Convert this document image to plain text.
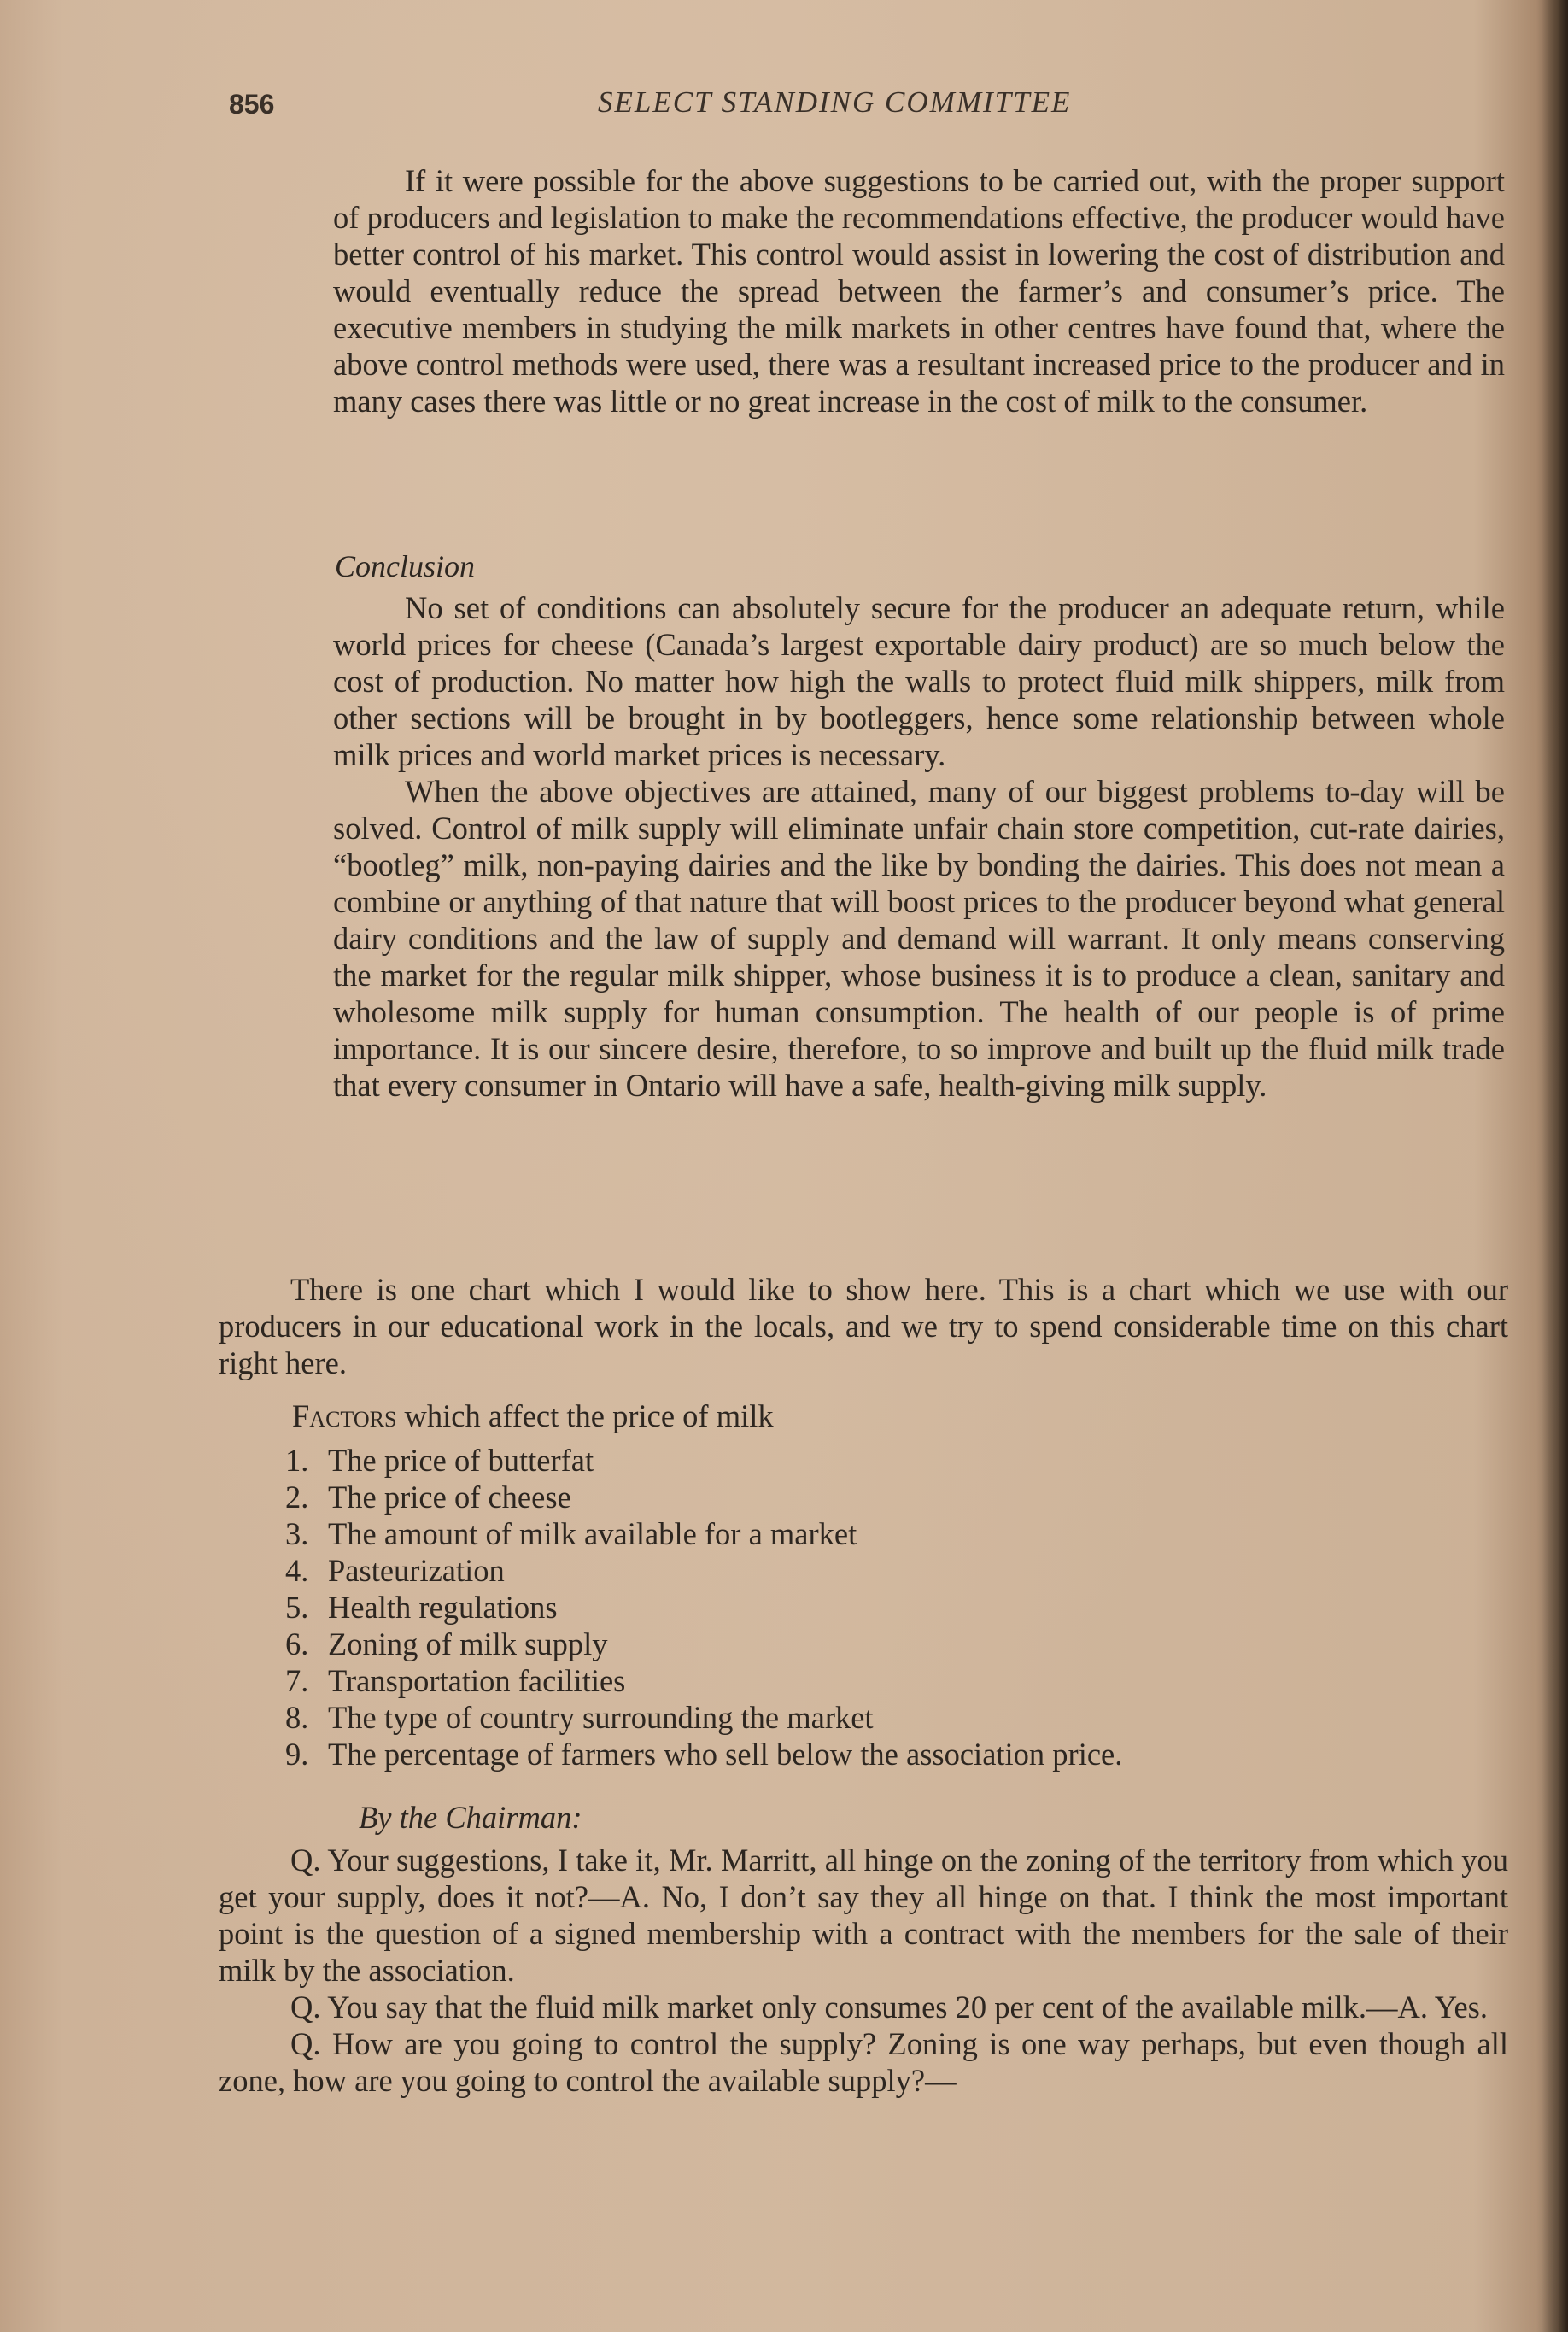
856	SELECT STANDING COMMITTEE

If it were possible for the above suggestions to be carried out, with the proper support of producers and legislation to make the recommendations effective, the producer would have better control of his market. This control would assist in lowering the cost of distribution and would eventually reduce the spread between the farmer’s and consumer’s price. The executive members in studying the milk markets in other centres have found that, where the above control methods were used, there was a resultant increased price to the producer and in many cases there was little or no great increase in the cost of milk to the consumer.

Conclusion

No set of conditions can absolutely secure for the producer an adequate return, while world prices for cheese (Canada’s largest exportable dairy product) are so much below the cost of production. No matter how high the walls to protect fluid milk shippers, milk from other sections will be brought in by bootleggers, hence some relationship between whole milk prices and world market prices is necessary.

When the above objectives are attained, many of our biggest problems to-day will be solved. Control of milk supply will eliminate unfair chain store competition, cut-rate dairies, “bootleg” milk, non-paying dairies and the like by bonding the dairies. This does not mean a combine or anything of that nature that will boost prices to the producer beyond what general dairy conditions and the law of supply and demand will warrant. It only means conserving the market for the regular milk shipper, whose business it is to produce a clean, sanitary and wholesome milk supply for human consumption. The health of our people is of prime importance. It is our sincere desire, therefore, to so improve and built up the fluid milk trade that every consumer in Ontario will have a safe, health-giving milk supply.

There is one chart which I would like to show here. This is a chart which we use with our producers in our educational work in the locals, and we try to spend considerable time on this chart right here.

Factors which affect the price of milk
1. The price of butterfat
2. The price of cheese
3. The amount of milk available for a market
4. Pasteurization
5. Health regulations
6. Zoning of milk supply
7. Transportation facilities
8. The type of country surrounding the market
9. The percentage of farmers who sell below the association price.
By the Chairman:

Q. Your suggestions, I take it, Mr. Marritt, all hinge on the zoning of the territory from which you get your supply, does it not?—A. No, I don’t say they all hinge on that. I think the most important point is the question of a signed membership with a contract with the members for the sale of their milk by the association.

Q. You say that the fluid milk market only consumes 20 per cent of the available milk.—A. Yes.

Q. How are you going to control the supply? Zoning is one way perhaps, but even though all zone, how are you going to control the available supply?—
